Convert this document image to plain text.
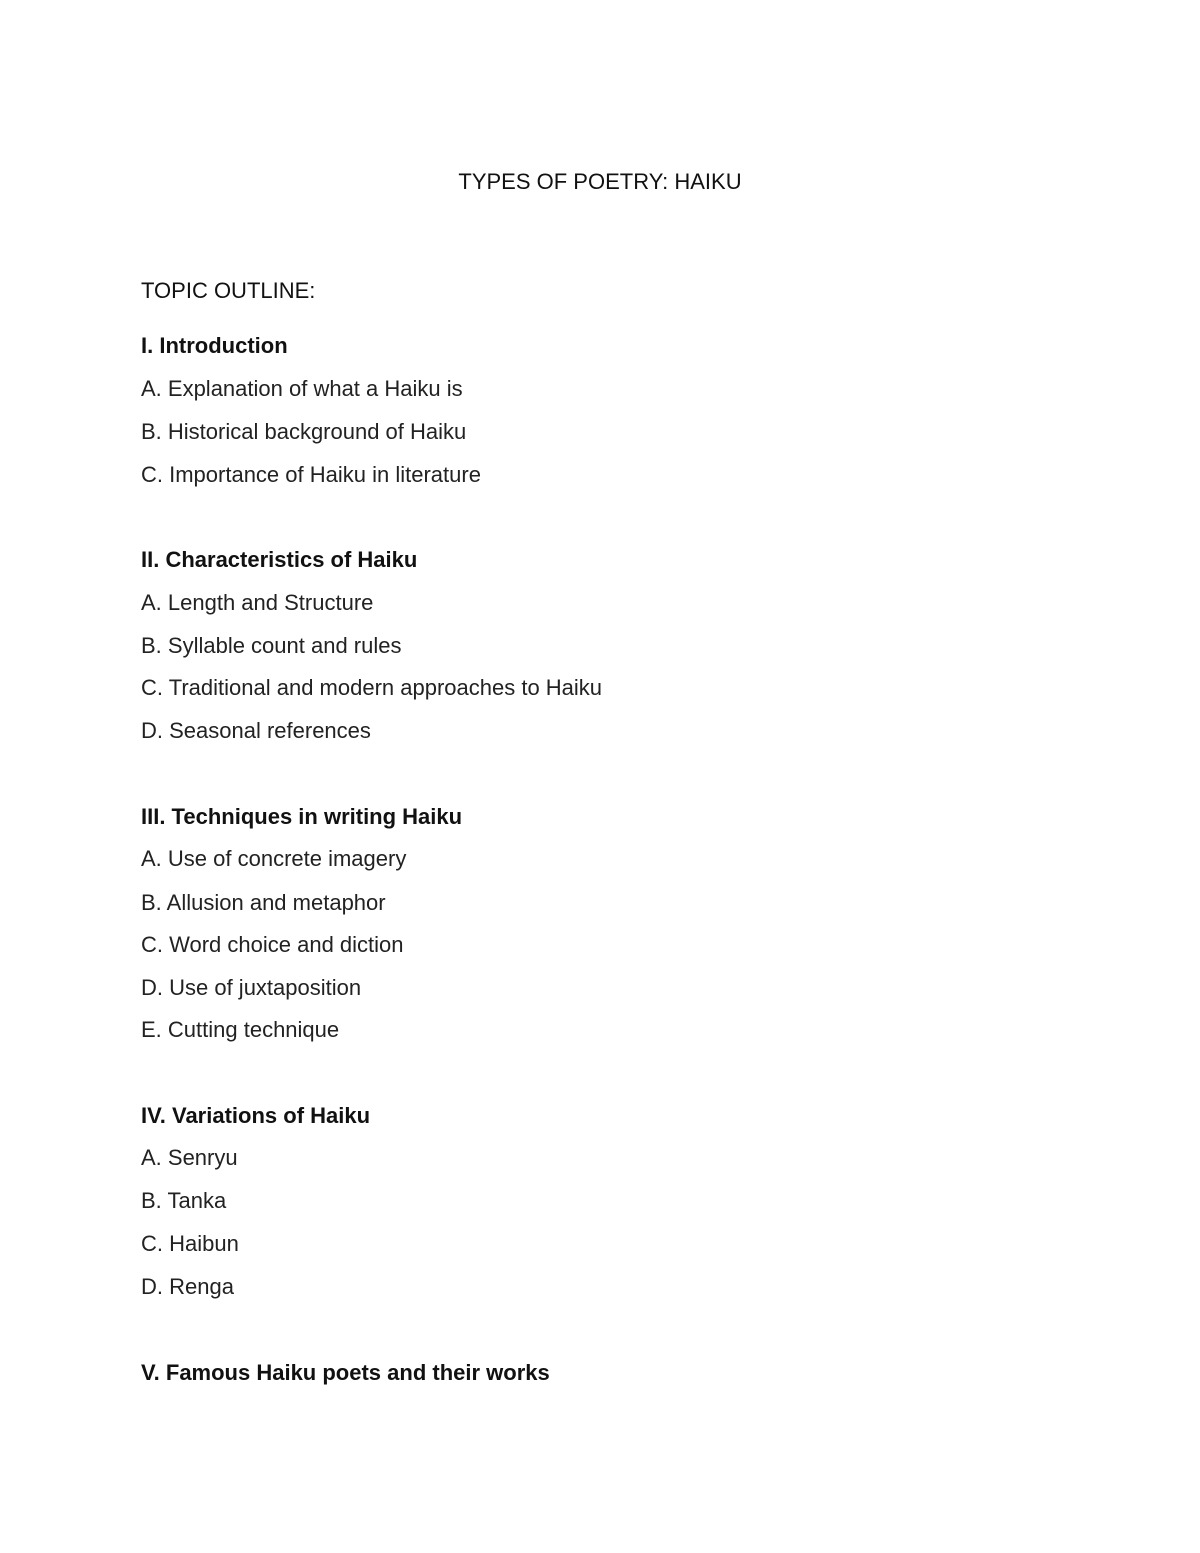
TYPES OF POETRY: HAIKU
TOPIC OUTLINE:
I. Introduction
A. Explanation of what a Haiku is
B. Historical background of Haiku
C. Importance of Haiku in literature
II. Characteristics of Haiku
A. Length and Structure
B. Syllable count and rules
C. Traditional and modern approaches to Haiku
D. Seasonal references
III. Techniques in writing Haiku
A. Use of concrete imagery
B. Allusion and metaphor
C. Word choice and diction
D. Use of juxtaposition
E. Cutting technique
IV. Variations of Haiku
A. Senryu
B. Tanka
C. Haibun
D. Renga
V. Famous Haiku poets and their works
